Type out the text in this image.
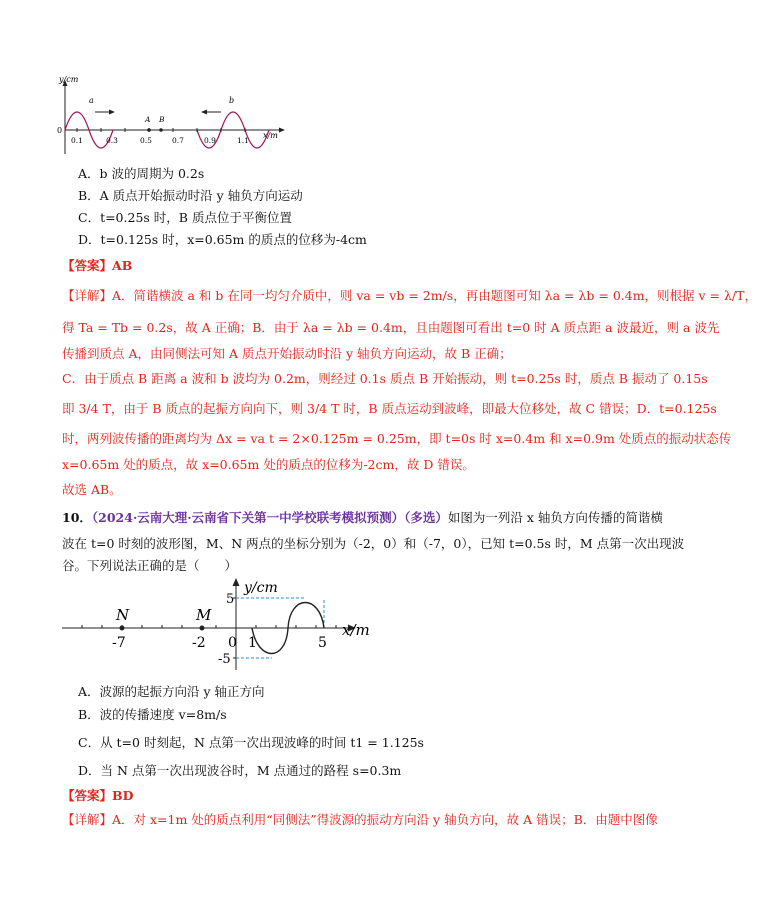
y/cm
x/m
0
0.1	0.3	0.5	0.7	0.9	1.1
A B
a	b
A．b 波的周期为 0.2s
B．A 质点开始振动时沿 y 轴负方向运动
C．t=0.25s 时，B 质点位于平衡位置
D．t=0.125s 时，x=0.65m 的质点的位移为-4cm
【答案】AB
【详解】A．简谐横波 a 和 b 在同一均匀介质中，则 va = vb = 2m/s，再由题图可知 λa = λb = 0.4m，则根据 v = λ/T，
得 Ta = Tb = 0.2s，故 A 正确；B．由于 λa = λb = 0.4m，且由题图可看出 t=0 时 A 质点距 a 波最近，则 a 波先
传播到质点 A，由同侧法可知 A 质点开始振动时沿 y 轴负方向运动，故 B 正确；
C．由于质点 B 距离 a 波和 b 波均为 0.2m，则经过 0.1s 质点 B 开始振动，则 t=0.25s 时，质点 B 振动了 0.15s
即 3/4 T，由于 B 质点的起振方向向下，则 3/4 T 时，B 质点运动到波峰，即最大位移处，故 C 错误；D．t=0.125s
时，两列波传播的距离均为 Δx = va t = 2×0.125m = 0.25m，即 t=0s 时 x=0.4m 和 x=0.9m 处质点的振动状态传
x=0.65m 处的质点，故 x=0.65m 处的质点的位移为-2cm，故 D 错误。
故选 AB。
10．（2024·云南大理·云南省下关第一中学校联考模拟预测）（多选）如图为一列沿 x 轴负方向传播的简谐横
波在 t=0 时刻的波形图，M、N 两点的坐标分别为（-2，0）和（-7，0），已知 t=0.5s 时，M 点第一次出现波
谷。下列说法正确的是（　　）
x/m
y/cm
5
-5
N	M
-7	-2 0 1	5
A．波源的起振方向沿 y 轴正方向
B．波的传播速度 v=8m/s
C．从 t=0 时刻起，N 点第一次出现波峰的时间 t1 = 1.125s
D．当 N 点第一次出现波谷时，M 点通过的路程 s=0.3m
【答案】BD
【详解】A．对 x=1m 处的质点利用“同侧法”得波源的振动方向沿 y 轴负方向，故 A 错误；B．由题中图像
